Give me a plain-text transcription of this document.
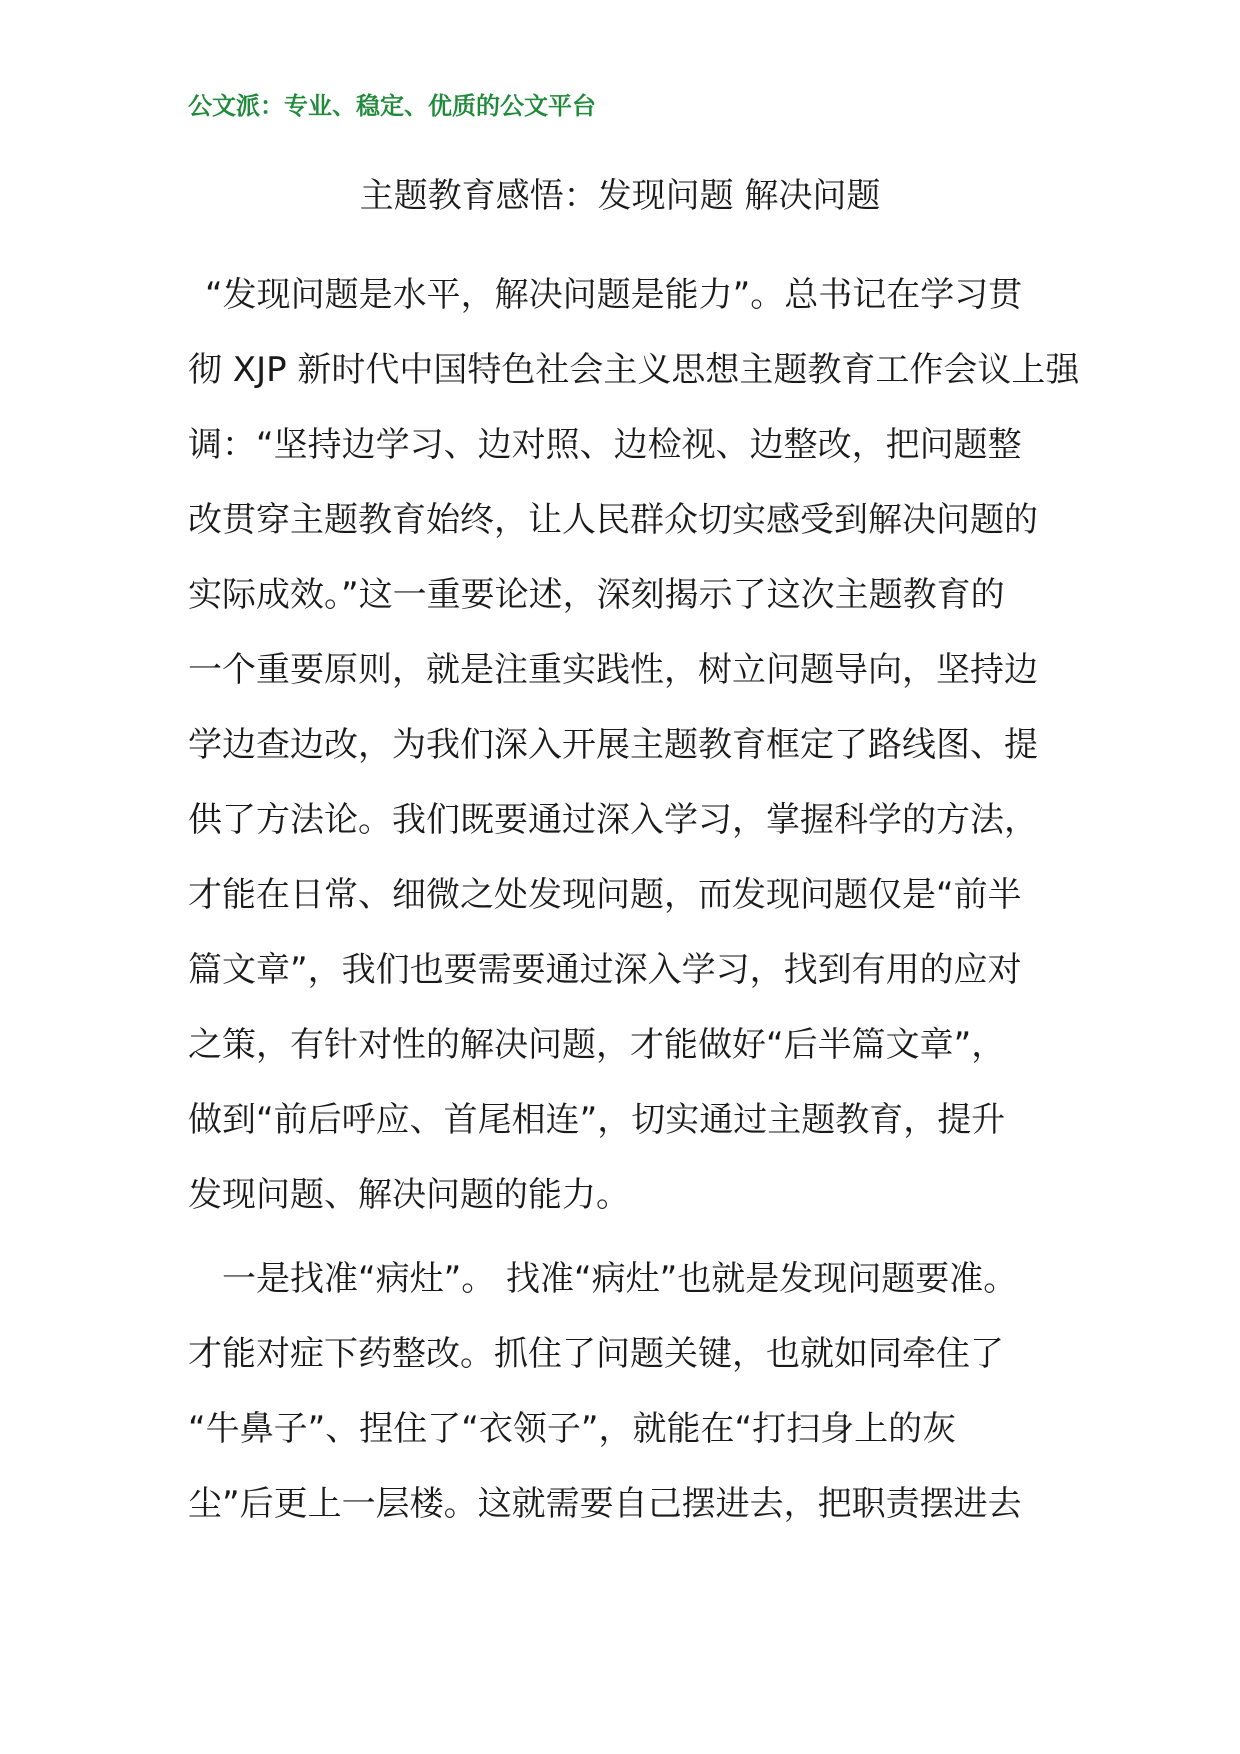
公文派：专业、稳定、优质的公文平台
主题教育感悟：发现问题 解决问题
“发现问题是水平，解决问题是能力”。总书记在学习贯
彻 XJP 新时代中国特色社会主义思想主题教育工作会议上强
调：“坚持边学习、边对照、边检视、边整改，把问题整
改贯穿主题教育始终，让人民群众切实感受到解决问题的
实际成效。”这一重要论述，深刻揭示了这次主题教育的
一个重要原则，就是注重实践性，树立问题导向，坚持边
学边查边改，为我们深入开展主题教育框定了路线图、提
供了方法论。我们既要通过深入学习，掌握科学的方法，
才能在日常、细微之处发现问题，而发现问题仅是“前半
篇文章”，我们也要需要通过深入学习，找到有用的应对
之策，有针对性的解决问题，才能做好“后半篇文章”，
做到“前后呼应、首尾相连”，切实通过主题教育，提升
发现问题、解决问题的能力。
一是找准“病灶”。 找准“病灶”也就是发现问题要准。
才能对症下药整改。抓住了问题关键，也就如同牵住了
“牛鼻子”、捏住了“衣领子”，就能在“打扫身上的灰
尘”后更上一层楼。这就需要自己摆进去，把职责摆进去
